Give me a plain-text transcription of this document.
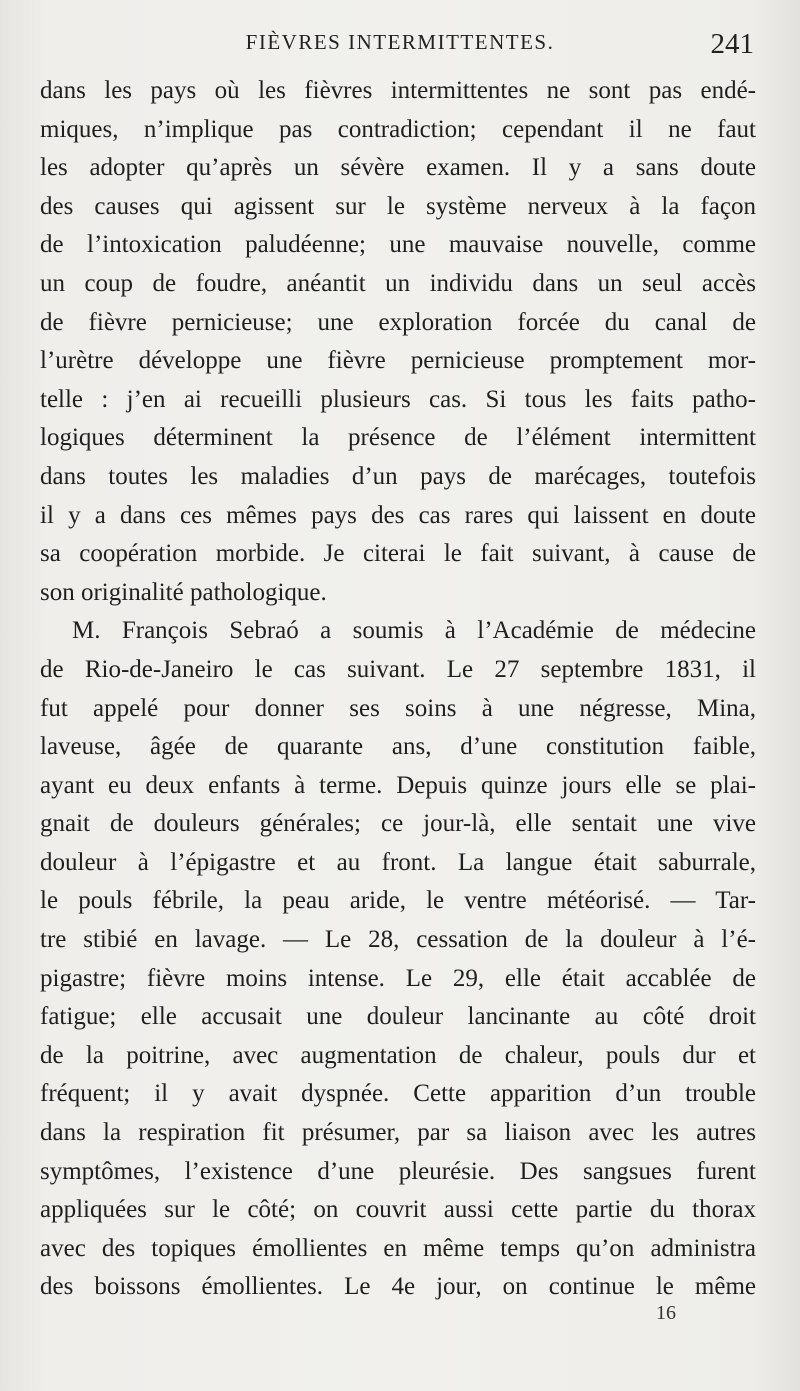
FIÈVRES INTERMITTENTES.	241
dans les pays où les fièvres intermittentes ne sont pas endé-
miques, n’implique pas contradiction; cependant il ne faut
les adopter qu’après un sévère examen. Il y a sans doute
des causes qui agissent sur le système nerveux à la façon
de l’intoxication paludéenne; une mauvaise nouvelle, comme
un coup de foudre, anéantit un individu dans un seul accès
de fièvre pernicieuse; une exploration forcée du canal de
l’urètre développe une fièvre pernicieuse promptement mor-
telle : j’en ai recueilli plusieurs cas. Si tous les faits patho-
logiques déterminent la présence de l’élément intermittent
dans toutes les maladies d’un pays de marécages, toutefois
il y a dans ces mêmes pays des cas rares qui laissent en doute
sa coopération morbide. Je citerai le fait suivant, à cause de
son originalité pathologique.
M. François Sebraó a soumis à l’Académie de médecine
de Rio-de-Janeiro le cas suivant. Le 27 septembre 1831, il
fut appelé pour donner ses soins à une négresse, Mina,
laveuse, âgée de quarante ans, d’une constitution faible,
ayant eu deux enfants à terme. Depuis quinze jours elle se plai-
gnait de douleurs générales; ce jour-là, elle sentait une vive
douleur à l’épigastre et au front. La langue était saburrale,
le pouls fébrile, la peau aride, le ventre météorisé. — Tar-
tre stibié en lavage. — Le 28, cessation de la douleur à l’é-
pigastre; fièvre moins intense. Le 29, elle était accablée de
fatigue; elle accusait une douleur lancinante au côté droit
de la poitrine, avec augmentation de chaleur, pouls dur et
fréquent; il y avait dyspnée. Cette apparition d’un trouble
dans la respiration fit présumer, par sa liaison avec les autres
symptômes, l’existence d’une pleurésie. Des sangsues furent
appliquées sur le côté; on couvrit aussi cette partie du thorax
avec des topiques émollientes en même temps qu’on administra
des boissons émollientes. Le 4e jour, on continue le même
16
